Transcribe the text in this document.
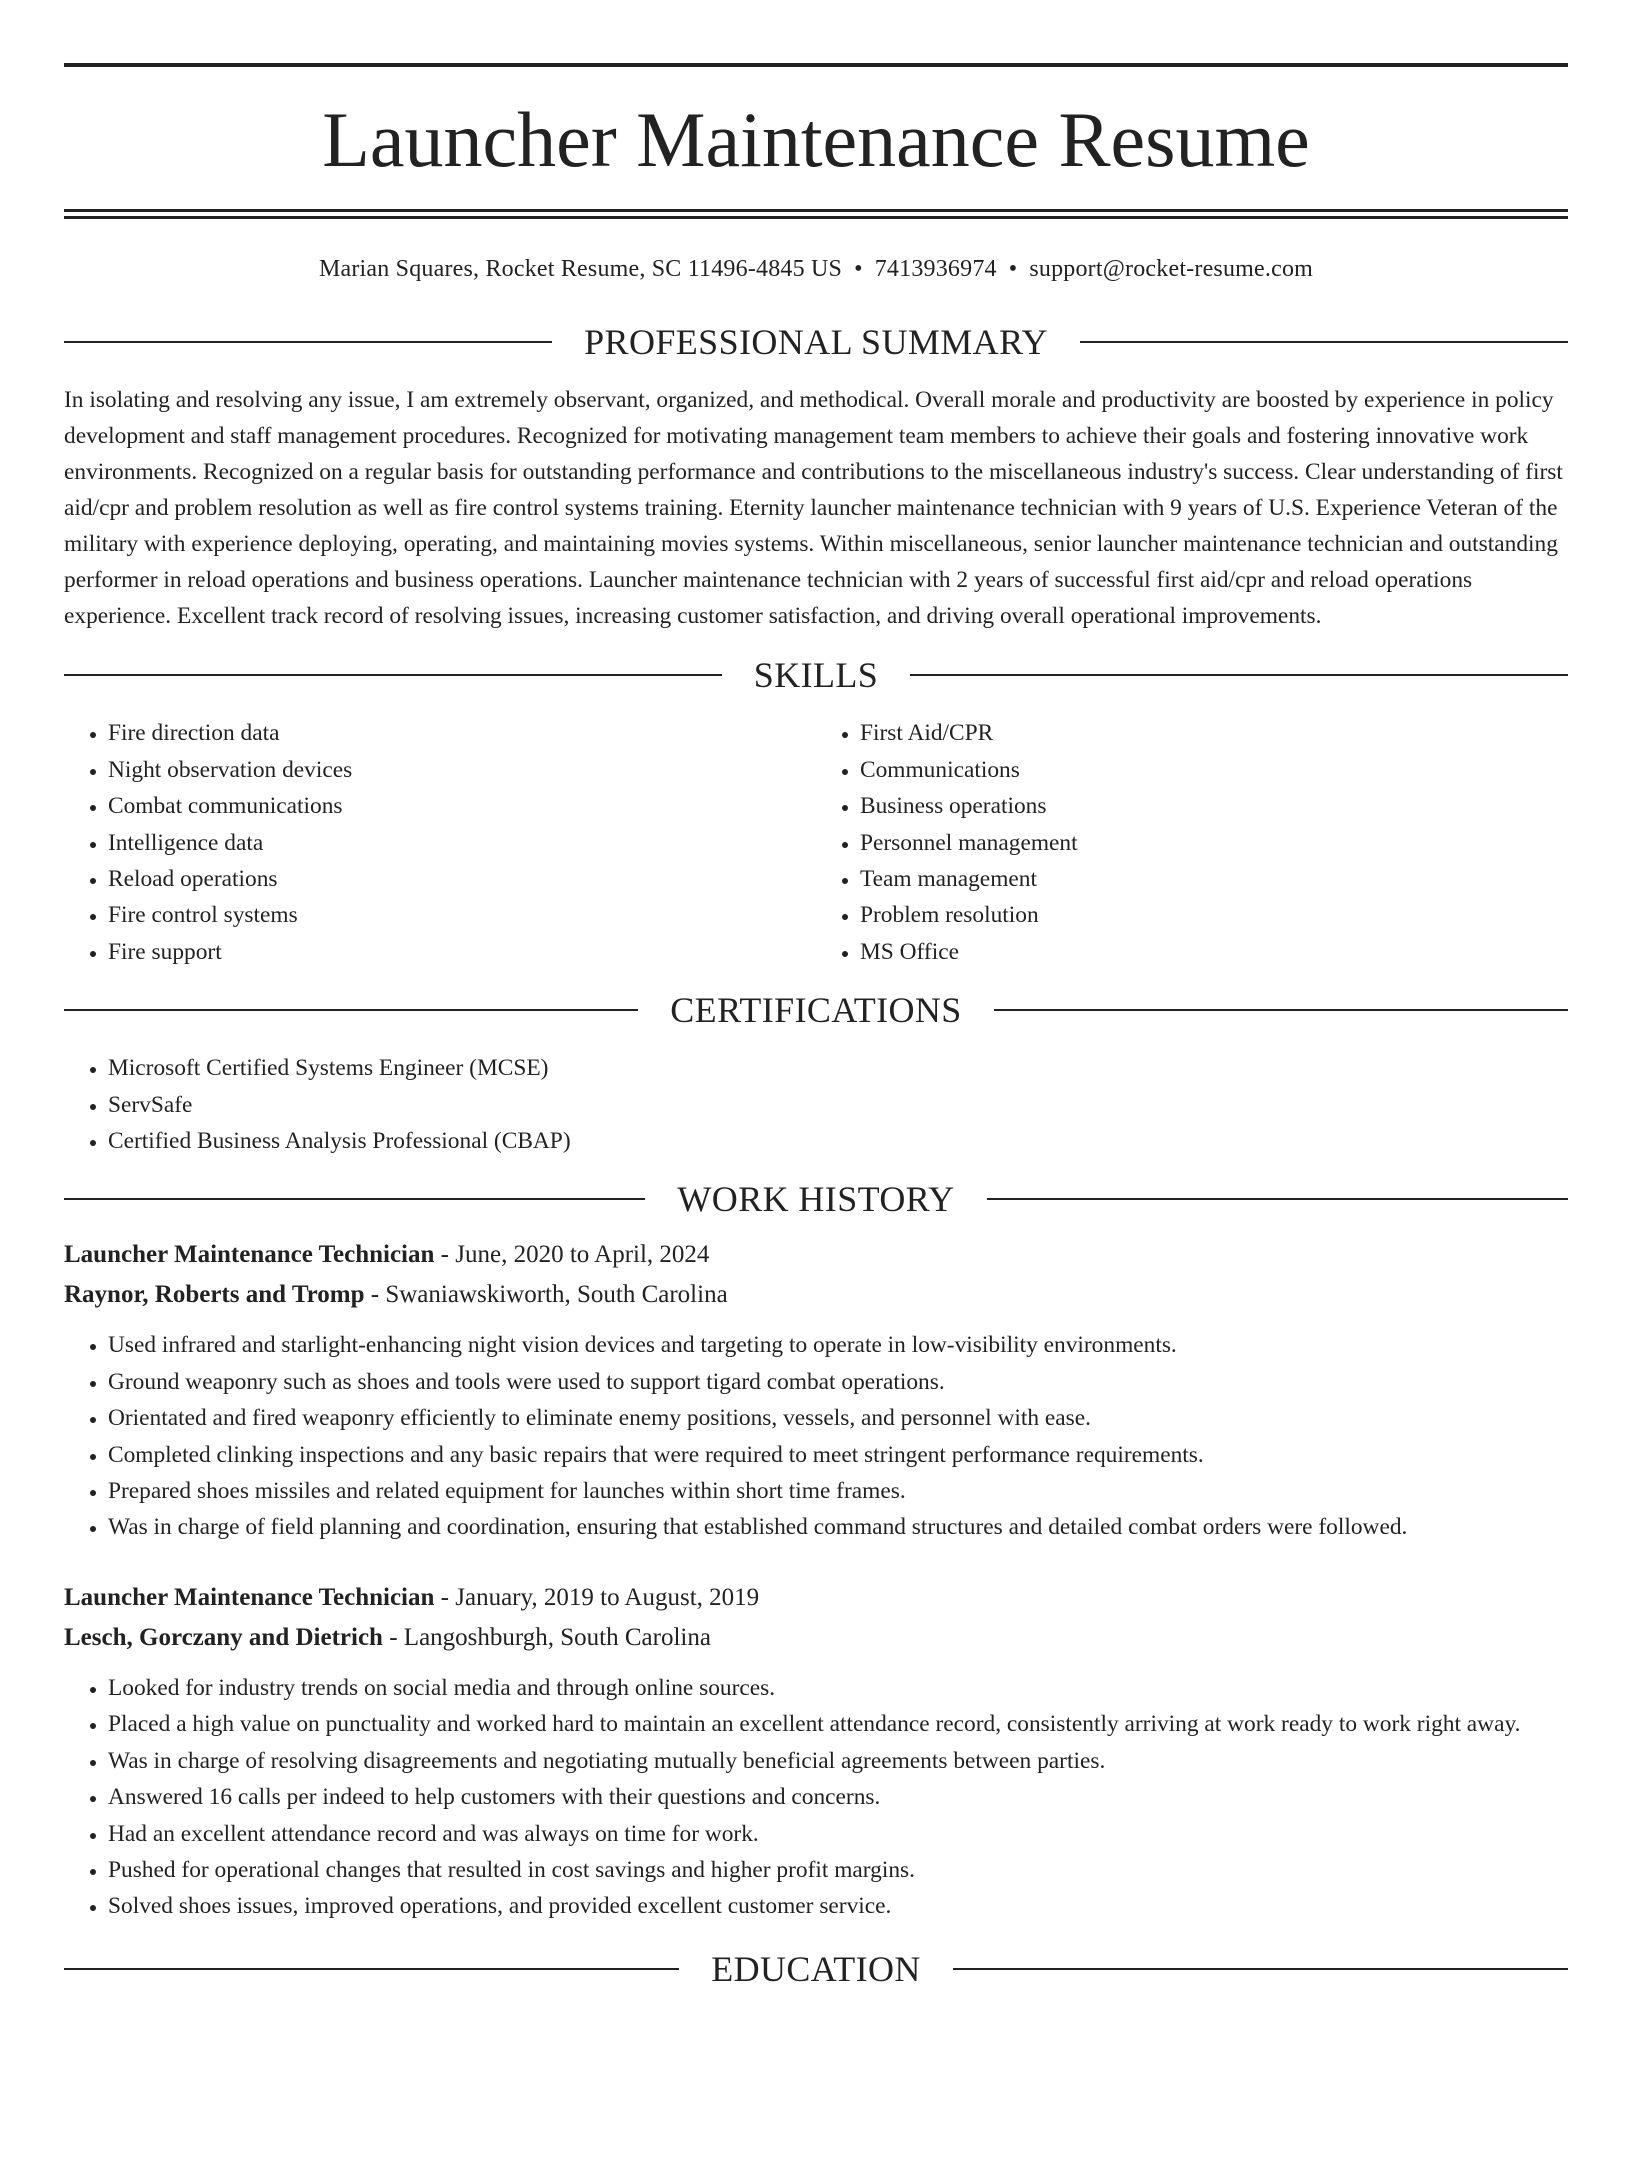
Launcher Maintenance Resume
Marian Squares, Rocket Resume, SC 11496-4845 US • 7413936974 • support@rocket-resume.com
PROFESSIONAL SUMMARY

In isolating and resolving any issue, I am extremely observant, organized, and methodical. Overall morale and productivity are boosted by experience in policy development and staff management procedures. Recognized for motivating management team members to achieve their goals and fostering innovative work environments. Recognized on a regular basis for outstanding performance and contributions to the miscellaneous industry's success. Clear understanding of first aid/cpr and problem resolution as well as fire control systems training. Eternity launcher maintenance technician with 9 years of U.S. Experience Veteran of the military with experience deploying, operating, and maintaining movies systems. Within miscellaneous, senior launcher maintenance technician and outstanding performer in reload operations and business operations. Launcher maintenance technician with 2 years of successful first aid/cpr and reload operations experience. Excellent track record of resolving issues, increasing customer satisfaction, and driving overall operational improvements.

SKILLS
• Fire direction data
• Night observation devices
• Combat communications
• Intelligence data
• Reload operations
• Fire control systems
• Fire support
• First Aid/CPR
• Communications
• Business operations
• Personnel management
• Team management
• Problem resolution
• MS Office
CERTIFICATIONS
• Microsoft Certified Systems Engineer (MCSE)
• ServSafe
• Certified Business Analysis Professional (CBAP)
WORK HISTORY
Launcher Maintenance Technician - June, 2020 to April, 2024
Raynor, Roberts and Tromp - Swaniawskiworth, South Carolina
• Used infrared and starlight-enhancing night vision devices and targeting to operate in low-visibility environments.
• Ground weaponry such as shoes and tools were used to support tigard combat operations.
• Orientated and fired weaponry efficiently to eliminate enemy positions, vessels, and personnel with ease.
• Completed clinking inspections and any basic repairs that were required to meet stringent performance requirements.
• Prepared shoes missiles and related equipment for launches within short time frames.
• Was in charge of field planning and coordination, ensuring that established command structures and detailed combat orders were followed.
Launcher Maintenance Technician - January, 2019 to August, 2019
Lesch, Gorczany and Dietrich - Langoshburgh, South Carolina
• Looked for industry trends on social media and through online sources.
• Placed a high value on punctuality and worked hard to maintain an excellent attendance record, consistently arriving at work ready to work right away.
• Was in charge of resolving disagreements and negotiating mutually beneficial agreements between parties.
• Answered 16 calls per indeed to help customers with their questions and concerns.
• Had an excellent attendance record and was always on time for work.
• Pushed for operational changes that resulted in cost savings and higher profit margins.
• Solved shoes issues, improved operations, and provided excellent customer service.
EDUCATION
